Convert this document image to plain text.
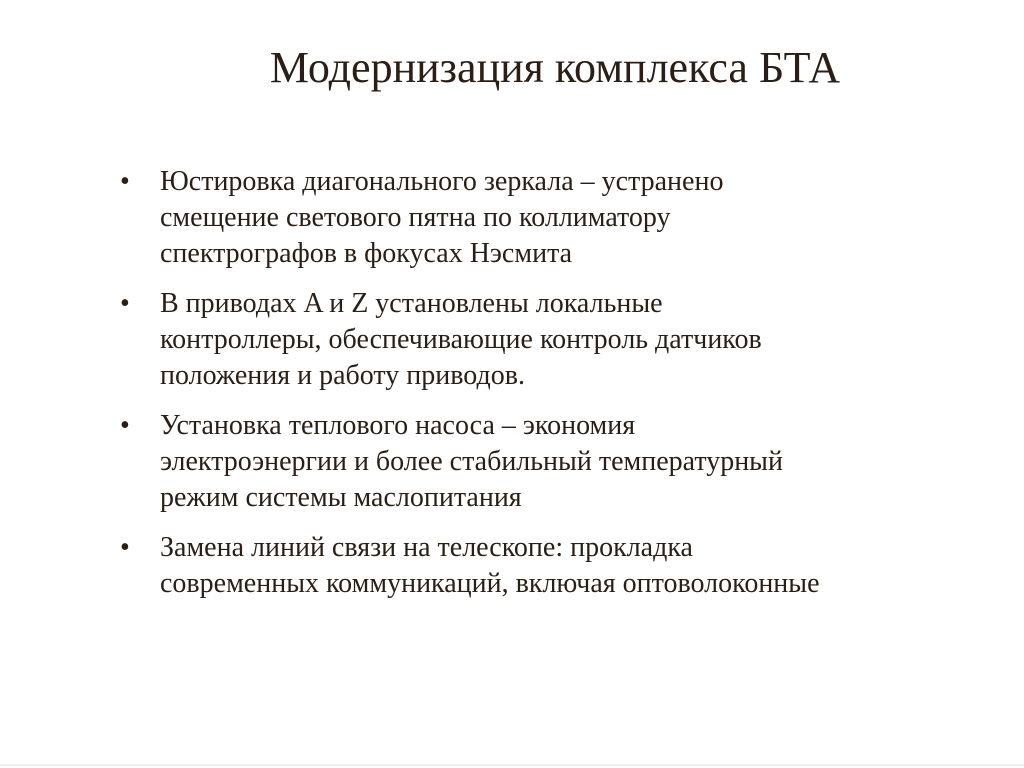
Модернизация комплекса БТА
• Юстировка диагонального зеркала – устранено
смещение светового пятна по коллиматору
спектрографов в фокусах Нэсмита
• В приводах A и Z установлены локальные
контроллеры, обеспечивающие контроль датчиков
положения и работу приводов.
• Установка теплового насоса – экономия
электроэнергии и более стабильный температурный
режим системы маслопитания
• Замена линий связи на телескопе: прокладка
современных коммуникаций, включая оптоволоконные
